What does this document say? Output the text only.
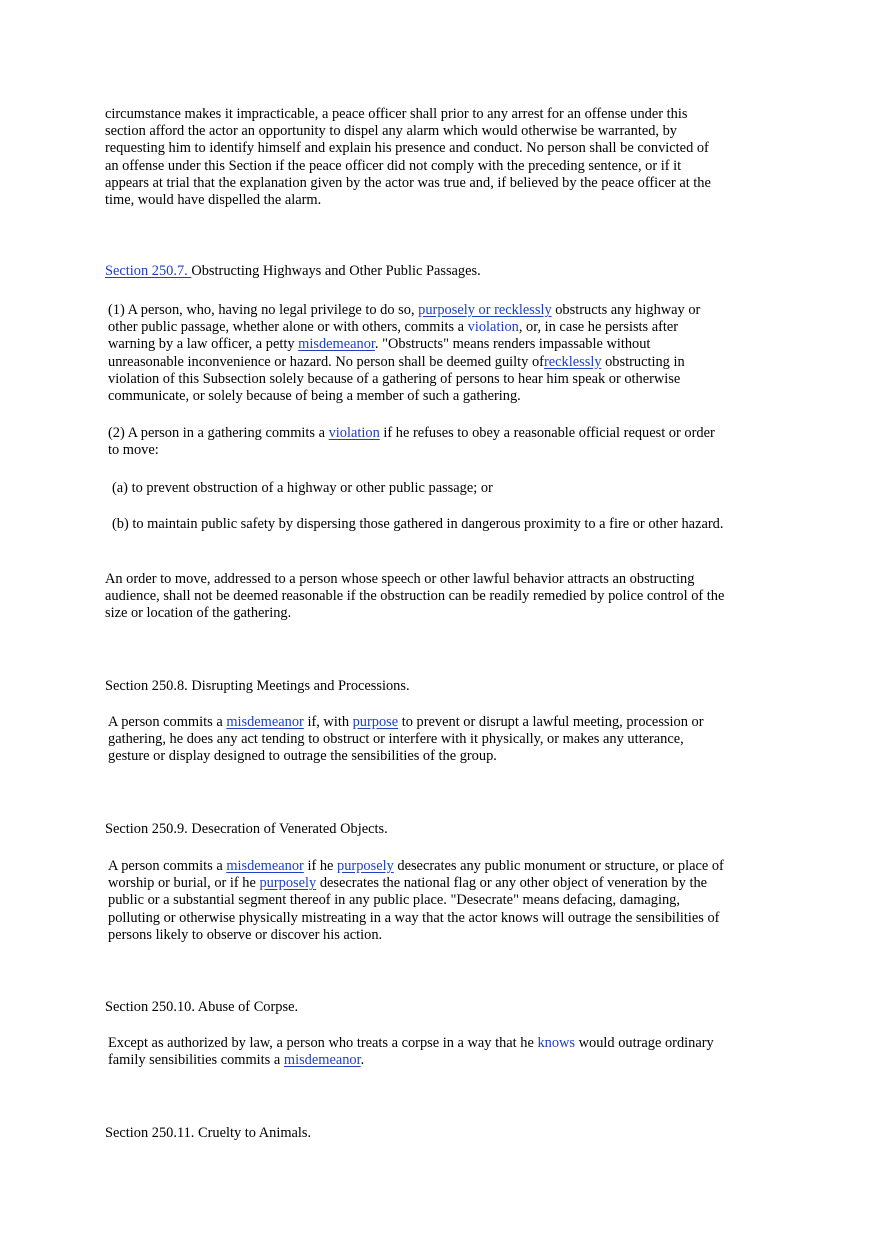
circumstance makes it impracticable, a peace officer shall prior to any arrest for an offense under this section afford the actor an opportunity to dispel any alarm which would otherwise be warranted, by requesting him to identify himself and explain his presence and conduct. No person shall be convicted of an offense under this Section if the peace officer did not comply with the preceding sentence, or if it appears at trial that the explanation given by the actor was true and, if believed by the peace officer at the time, would have dispelled the alarm.

Section 250.7. Obstructing Highways and Other Public Passages.

(1) A person, who, having no legal privilege to do so, purposely or recklessly obstructs any highway or other public passage, whether alone or with others, commits a violation, or, in case he persists after warning by a law officer, a petty misdemeanor. "Obstructs" means renders impassable without unreasonable inconvenience or hazard. No person shall be deemed guilty ofrecklessly obstructing in violation of this Subsection solely because of a gathering of persons to hear him speak or otherwise communicate, or solely because of being a member of such a gathering.

(2) A person in a gathering commits a violation if he refuses to obey a reasonable official request or order to move:

(a) to prevent obstruction of a highway or other public passage; or

(b) to maintain public safety by dispersing those gathered in dangerous proximity to a fire or other hazard.

An order to move, addressed to a person whose speech or other lawful behavior attracts an obstructing audience, shall not be deemed reasonable if the obstruction can be readily remedied by police control of the size or location of the gathering.

Section 250.8. Disrupting Meetings and Processions.

A person commits a misdemeanor if, with purpose to prevent or disrupt a lawful meeting, procession or gathering, he does any act tending to obstruct or interfere with it physically, or makes any utterance, gesture or display designed to outrage the sensibilities of the group.

Section 250.9. Desecration of Venerated Objects.

A person commits a misdemeanor if he purposely desecrates any public monument or structure, or place of worship or burial, or if he purposely desecrates the national flag or any other object of veneration by the public or a substantial segment thereof in any public place. "Desecrate" means defacing, damaging, polluting or otherwise physically mistreating in a way that the actor knows will outrage the sensibilities of persons likely to observe or discover his action.

Section 250.10. Abuse of Corpse.

Except as authorized by law, a person who treats a corpse in a way that he knows would outrage ordinary family sensibilities commits a misdemeanor.

Section 250.11. Cruelty to Animals.
